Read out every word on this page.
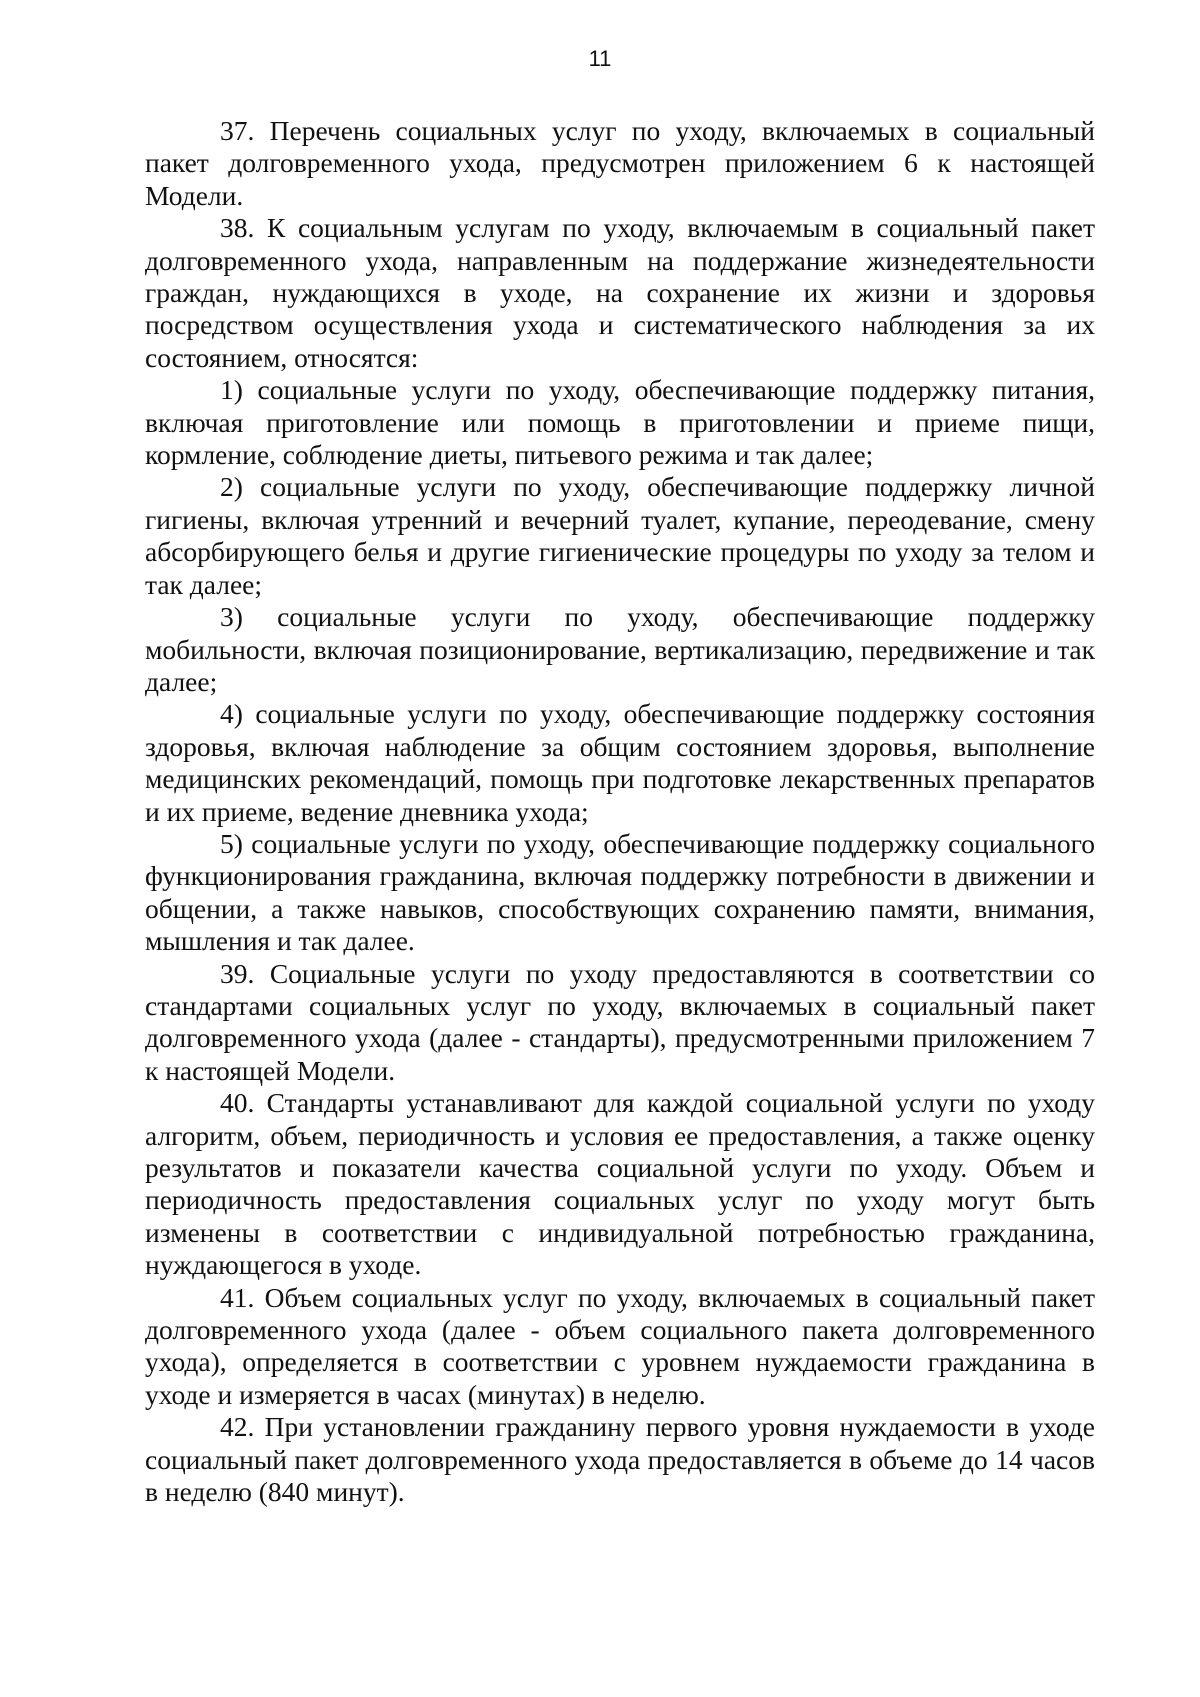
11

37. Перечень социальных услуг по уходу, включаемых в социальный пакет долговременного ухода, предусмотрен приложением 6 к настоящей Модели.

38. К социальным услугам по уходу, включаемым в социальный пакет долговременного ухода, направленным на поддержание жизнедеятельности граждан, нуждающихся в уходе, на сохранение их жизни и здоровья посредством осуществления ухода и систематического наблюдения за их состоянием, относятся:

1) социальные услуги по уходу, обеспечивающие поддержку питания, включая приготовление или помощь в приготовлении и приеме пищи, кормление, соблюдение диеты, питьевого режима и так далее;

2) социальные услуги по уходу, обеспечивающие поддержку личной гигиены, включая утренний и вечерний туалет, купание, переодевание, смену абсорбирующего белья и другие гигиенические процедуры по уходу за телом и так далее;

3) социальные услуги по уходу, обеспечивающие поддержку мобильности, включая позиционирование, вертикализацию, передвижение и так далее;

4) социальные услуги по уходу, обеспечивающие поддержку состояния здоровья, включая наблюдение за общим состоянием здоровья, выполнение медицинских рекомендаций, помощь при подготовке лекарственных препаратов и их приеме, ведение дневника ухода;

5) социальные услуги по уходу, обеспечивающие поддержку социального функционирования гражданина, включая поддержку потребности в движении и общении, а также навыков, способствующих сохранению памяти, внимания, мышления и так далее.

39. Социальные услуги по уходу предоставляются в соответствии со стандартами социальных услуг по уходу, включаемых в социальный пакет долговременного ухода (далее - стандарты), предусмотренными приложением 7 к настоящей Модели.

40. Стандарты устанавливают для каждой социальной услуги по уходу алгоритм, объем, периодичность и условия ее предоставления, а также оценку результатов и показатели качества социальной услуги по уходу. Объем и периодичность предоставления социальных услуг по уходу могут быть изменены в соответствии с индивидуальной потребностью гражданина, нуждающегося в уходе.

41. Объем социальных услуг по уходу, включаемых в социальный пакет долговременного ухода (далее - объем социального пакета долговременного ухода), определяется в соответствии с уровнем нуждаемости гражданина в уходе и измеряется в часах (минутах) в неделю.

42. При установлении гражданину первого уровня нуждаемости в уходе социальный пакет долговременного ухода предоставляется в объеме до 14 часов в неделю (840 минут).
